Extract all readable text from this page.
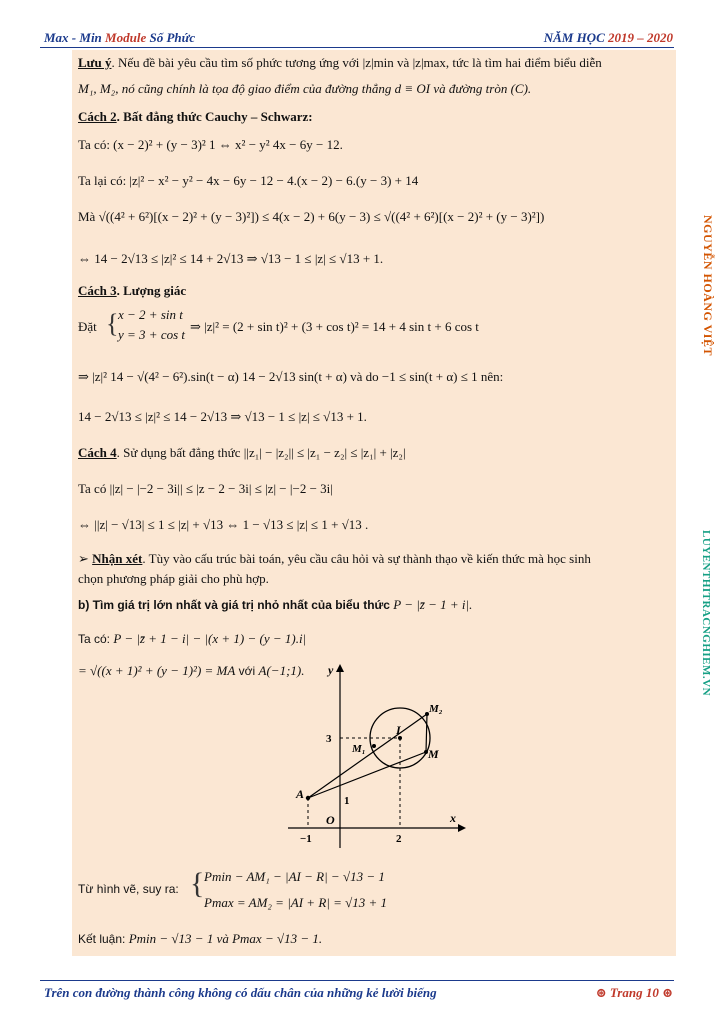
Max - Min Module Số Phức	NĂM HỌC 2019 – 2020
Lưu ý. Nếu đề bài yêu cầu tìm số phức tương ứng với |z|min và |z|max, tức là tìm hai điểm biểu diễn
M₁, M₂, nó cũng chính là tọa độ giao điểm của đường thẳng d ≡ OI và đường tròn (C).
Cách 2. Bất đẳng thức Cauchy – Schwarz:
Ta có: (x − 2)² + (y − 3)² 1 ⇔ x² − y² 4x − 6y − 12.
Ta lại có: |z|² − x² − y² − 4x − 6y − 12 − 4.(x − 2) − 6.(y − 3) + 14
Mà √((4² + 6²)[(x − 2)² + (y − 3)²]) ≤ 4(x − 2) + 6(y − 3) ≤ √((4² + 6²)[(x − 2)² + (y − 3)²])
⇔ 14 − 2√13 ≤ |z|² ≤ 14 + 2√13 ⇒ √13 − 1 ≤ |z| ≤ √13 + 1.
Cách 3. Lượng giác
Đặt { x − 2 + sin t
y = 3 + cos t
⇒ |z|² = (2 + sin t)² + (3 + cos t)² = 14 + 4 sin t + 6 cos t
⇒ |z|² 14 − √(4² − 6²).sin(t − α) 14 − 2√13 sin(t + α) và do −1 ≤ sin(t + α) ≤ 1 nên:
14 − 2√13 ≤ |z|² ≤ 14 − 2√13 ⇒ √13 − 1 ≤ |z| ≤ √13 + 1.
Cách 4. Sử dụng bất đẳng thức ||z₁| − |z₂|| ≤ |z₁ − z₂| ≤ |z₁| + |z₂|
Ta có ||z| − |−2 − 3i|| ≤ |z − 2 − 3i| ≤ |z| − |−2 − 3i|
⇔ ||z| − √13| ≤ 1 ≤ |z| + √13 ⇔ 1 − √13 ≤ |z| ≤ 1 + √13 .
➢ Nhận xét. Tùy vào cấu trúc bài toán, yêu cầu câu hỏi và sự thành thạo về kiến thức mà học sinh
chọn phương pháp giải cho phù hợp.
b) Tìm giá trị lớn nhất và giá trị nhỏ nhất của biểu thức P − |z̄ − 1 + i|.
Ta có: P − |z̄ + 1 − i| − |(x + 1) − (y − 1).i|
= √((x + 1)² + (y − 1)²) = MA với A(−1;1).
Từ hình vẽ, suy ra: { Pmin − AM₁ − |AI − R| − √13 − 1
Pmax = AM₂ = |AI + R| = √13 + 1
Kết luận: Pmin − √13 − 1 và Pmax − √13 − 1.
y
x
O
3
1
−1	2
I
A
M
M₁
M₂
NGUYỄN HOÀNG VIỆT
LUYENTHITRACNGHIEM.VN
Trên con đường thành công không có dấu chân của những kẻ lười biếng	⊛ Trang 10 ⊛
